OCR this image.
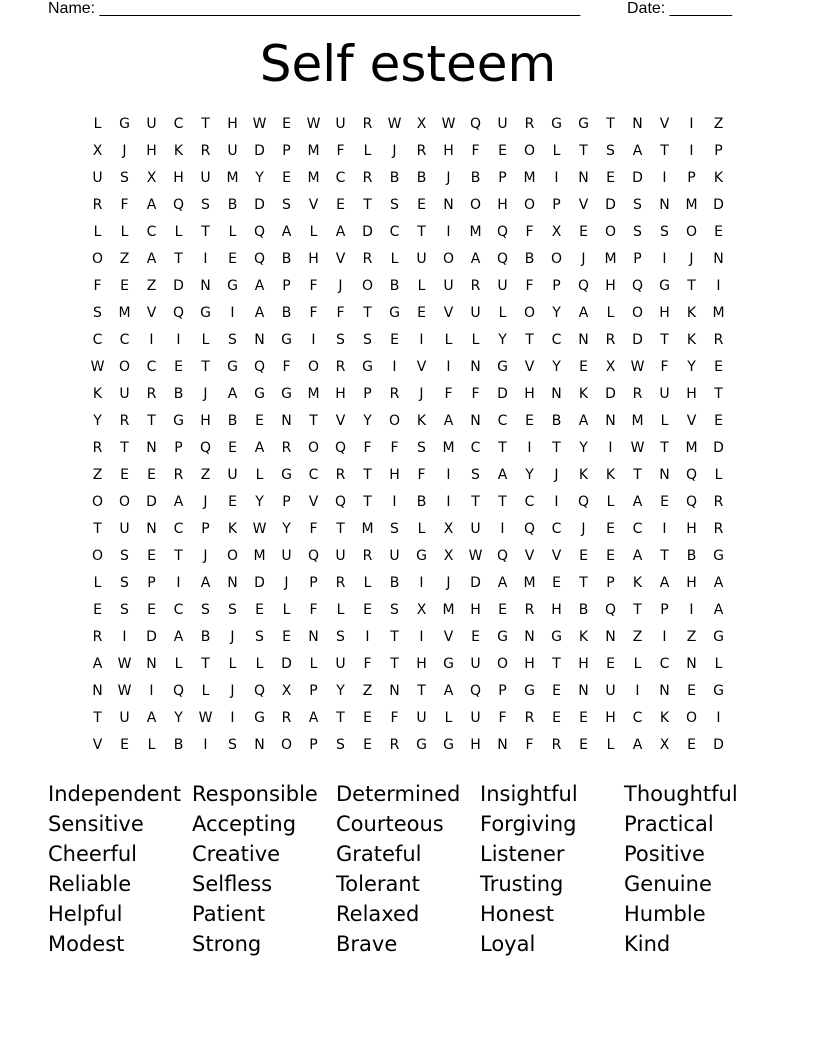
Name: ______________________________________________________	Date: _______
Self esteem
L	G	U	C	T	H	W	E	W	U	R	W	X	W	Q	U	R	G	G	T	N	V	I	Z
X	J	H	K	R	U	D	P	M	F	L	J	R	H	F	E	O	L	T	S	A	T	I	P
U	S	X	H	U	M	Y	E	M	C	R	B	B	J	B	P	M	I	N	E	D	I	P	K
R	F	A	Q	S	B	D	S	V	E	T	S	E	N	O	H	O	P	V	D	S	N	M	D
L	L	C	L	T	L	Q	A	L	A	D	C	T	I	M	Q	F	X	E	O	S	S	O	E
O	Z	A	T	I	E	Q	B	H	V	R	L	U	O	A	Q	B	O	J	M	P	I	J	N
F	E	Z	D	N	G	A	P	F	J	O	B	L	U	R	U	F	P	Q	H	Q	G	T	I
S	M	V	Q	G	I	A	B	F	F	T	G	E	V	U	L	O	Y	A	L	O	H	K	M
C	C	I	I	L	S	N	G	I	S	S	E	I	L	L	Y	T	C	N	R	D	T	K	R
W	O	C	E	T	G	Q	F	O	R	G	I	V	I	N	G	V	Y	E	X	W	F	Y	E
K	U	R	B	J	A	G	G	M	H	P	R	J	F	F	D	H	N	K	D	R	U	H	T
Y	R	T	G	H	B	E	N	T	V	Y	O	K	A	N	C	E	B	A	N	M	L	V	E
R	T	N	P	Q	E	A	R	O	Q	F	F	S	M	C	T	I	T	Y	I	W	T	M	D
Z	E	E	R	Z	U	L	G	C	R	T	H	F	I	S	A	Y	J	K	K	T	N	Q	L
O	O	D	A	J	E	Y	P	V	Q	T	I	B	I	T	T	C	I	Q	L	A	E	Q	R
T	U	N	C	P	K	W	Y	F	T	M	S	L	X	U	I	Q	C	J	E	C	I	H	R
O	S	E	T	J	O	M	U	Q	U	R	U	G	X	W	Q	V	V	E	E	A	T	B	G
L	S	P	I	A	N	D	J	P	R	L	B	I	J	D	A	M	E	T	P	K	A	H	A
E	S	E	C	S	S	E	L	F	L	E	S	X	M	H	E	R	H	B	Q	T	P	I	A
R	I	D	A	B	J	S	E	N	S	I	T	I	V	E	G	N	G	K	N	Z	I	Z	G
A	W	N	L	T	L	L	D	L	U	F	T	H	G	U	O	H	T	H	E	L	C	N	L
N	W	I	Q	L	J	Q	X	P	Y	Z	N	T	A	Q	P	G	E	N	U	I	N	E	G
T	U	A	Y	W	I	G	R	A	T	E	F	U	L	U	F	R	E	E	H	C	K	O	I
V	E	L	B	I	S	N	O	P	S	E	R	G	G	H	N	F	R	E	L	A	X	E	D
Independent Responsible Determined Insightful	Thoughtful
Sensitive	Accepting	Courteous	Forgiving	Practical
Cheerful	Creative	Grateful	Listener	Positive
Reliable	Selfless	Tolerant	Trusting	Genuine
Helpful	Patient	Relaxed	Honest	Humble
Modest	Strong	Brave	Loyal	Kind
